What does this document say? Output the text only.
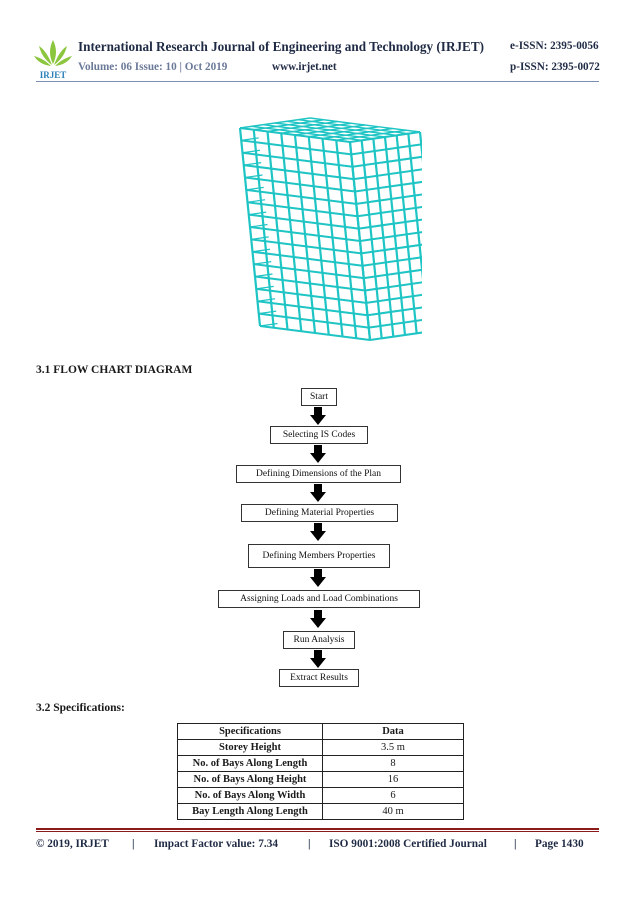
IRJET
International Research Journal of Engineering and Technology (IRJET) e-ISSN: 2395-0056
Volume: 06 Issue: 10 | Oct 2019	www.irjet.net	p-ISSN: 2395-0072
3.1 FLOW CHART DIAGRAM
Start
Selecting IS Codes
Defining Dimensions of the Plan
Defining Material Properties
Defining Members Properties
Assigning Loads and Load Combinations
Run Analysis
Extract Results
3.2 Specifications:
Specifications	Data
Storey Height	3.5 m
No. of Bays Along Length	8
No. of Bays Along Height	16
No. of Bays Along Width	6
Bay Length Along Length	40 m
© 2019, IRJET | Impact Factor value: 7.34	| ISO 9001:2008 Certified Journal | Page 1430
